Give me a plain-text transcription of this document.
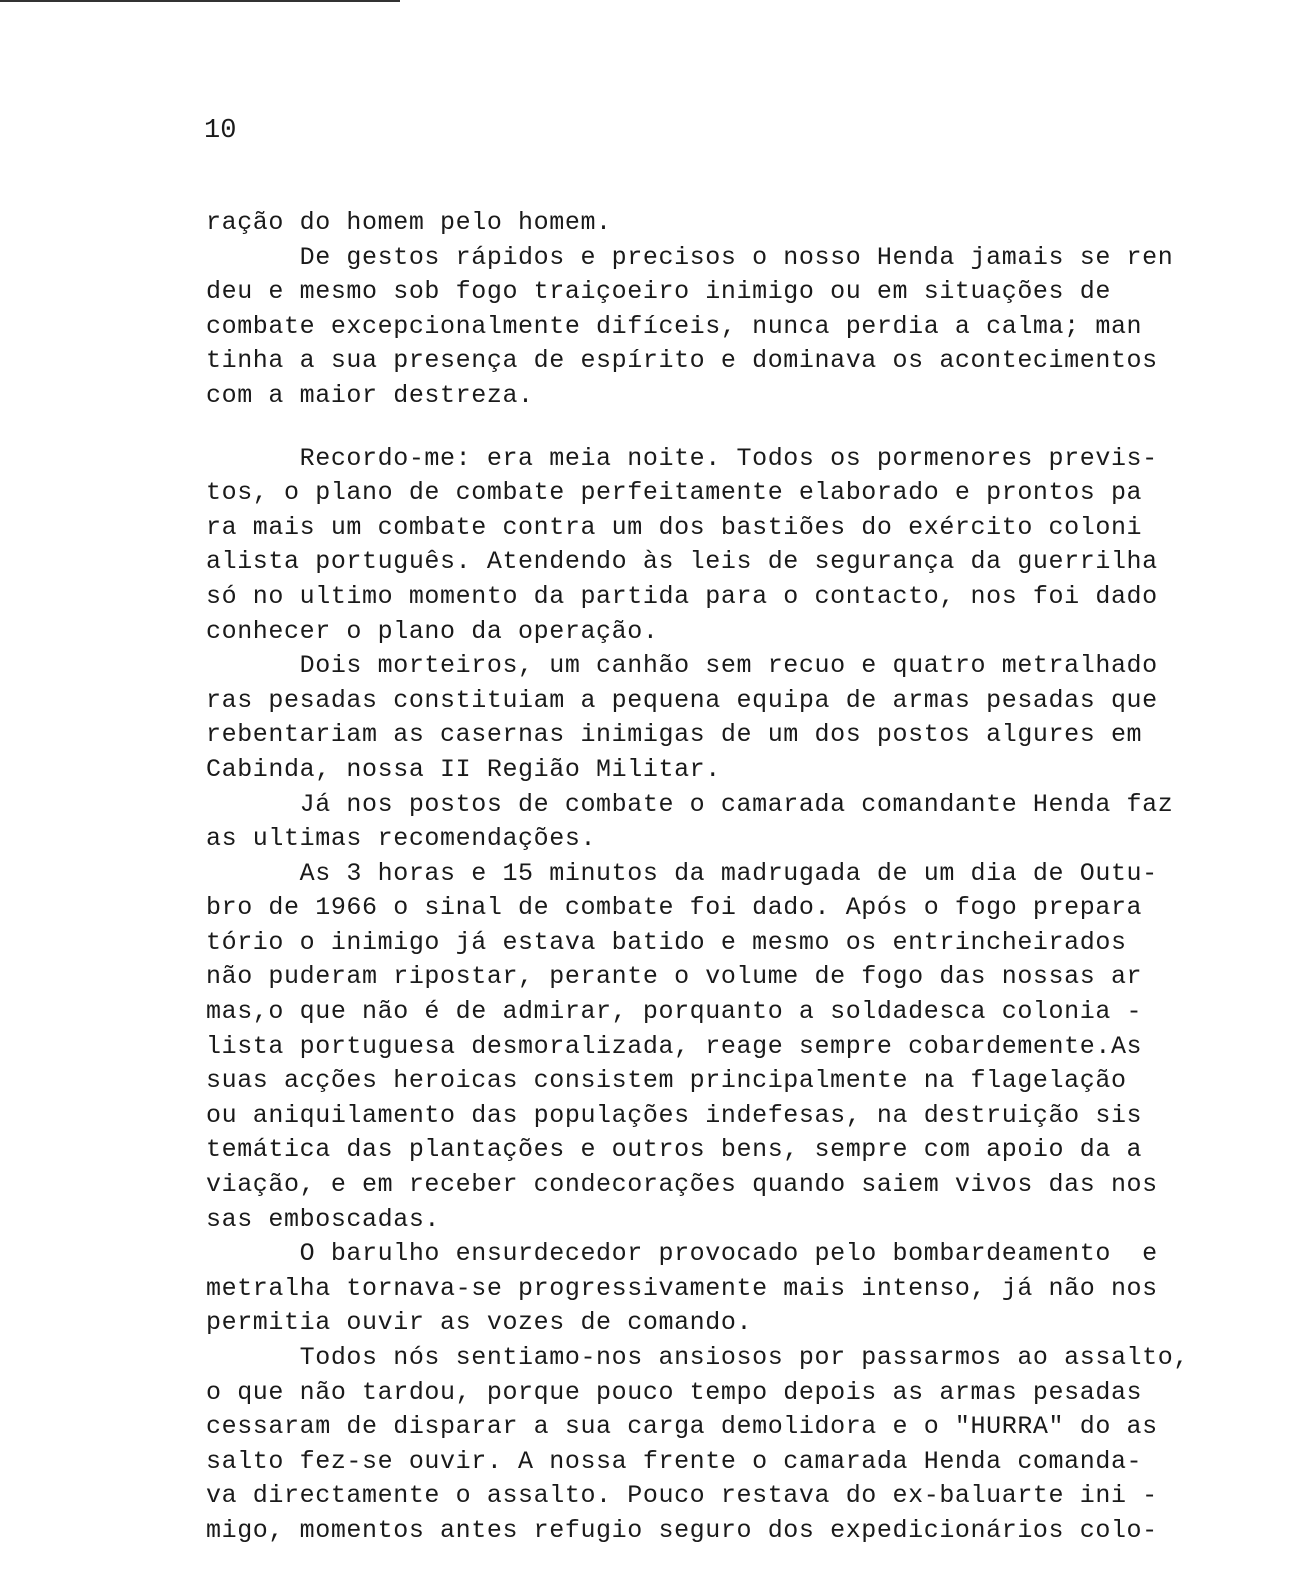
10
ração do homem pelo homem.
De gestos rápidos e precisos o nosso Henda jamais se ren
deu e mesmo sob fogo traiçoeiro inimigo ou em situações de
combate excepcionalmente difíceis, nunca perdia a calma; man
tinha a sua presença de espírito e dominava os acontecimentos
com a maior destreza.
Recordo-me: era meia noite. Todos os pormenores previs-
tos, o plano de combate perfeitamente elaborado e prontos pa
ra mais um combate contra um dos bastiões do exército coloni
alista português. Atendendo às leis de segurança da guerrilha
só no ultimo momento da partida para o contacto, nos foi dado
conhecer o plano da operação.
Dois morteiros, um canhão sem recuo e quatro metralhado
ras pesadas constituiam a pequena equipa de armas pesadas que
rebentariam as casernas inimigas de um dos postos algures em
Cabinda, nossa II Região Militar.
Já nos postos de combate o camarada comandante Henda faz
as ultimas recomendações.
As 3 horas e 15 minutos da madrugada de um dia de Outu-
bro de 1966 o sinal de combate foi dado. Após o fogo prepara
tório o inimigo já estava batido e mesmo os entrincheirados
não puderam ripostar, perante o volume de fogo das nossas ar
mas,o que não é de admirar, porquanto a soldadesca colonia -
lista portuguesa desmoralizada, reage sempre cobardemente.As
suas acções heroicas consistem principalmente na flagelação
ou aniquilamento das populações indefesas, na destruição sis
temática das plantações e outros bens, sempre com apoio da a
viação, e em receber condecorações quando saiem vivos das nos
sas emboscadas.
O barulho ensurdecedor provocado pelo bombardeamento  e
metralha tornava-se progressivamente mais intenso, já não nos
permitia ouvir as vozes de comando.
Todos nós sentiamo-nos ansiosos por passarmos ao assalto,
o que não tardou, porque pouco tempo depois as armas pesadas
cessaram de disparar a sua carga demolidora e o "HURRA" do as
salto fez-se ouvir. A nossa frente o camarada Henda comanda-
va directamente o assalto. Pouco restava do ex-baluarte ini -
migo, momentos antes refugio seguro dos expedicionários colo-
